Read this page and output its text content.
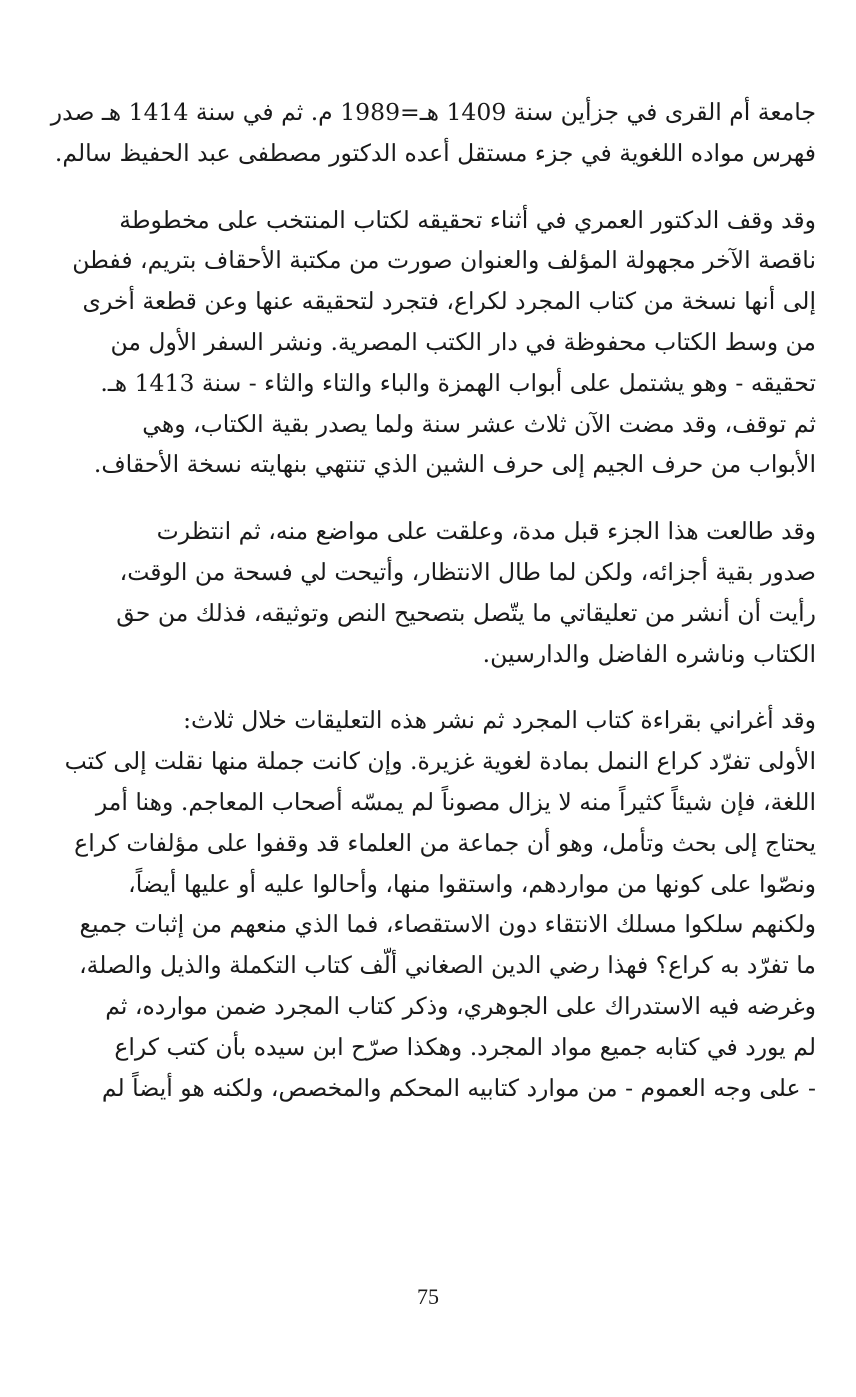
جامعة أم القرى في جزأين سنة 1409 هـ=1989 م. ثم في سنة 1414 هـ صدر
فهرس مواده اللغوية في جزء مستقل أعده الدكتور مصطفى عبد الحفيظ سالم.

وقد وقف الدكتور العمري في أثناء تحقيقه لكتاب المنتخب على مخطوطة
ناقصة الآخر مجهولة المؤلف والعنوان صورت من مكتبة الأحقاف بتريم، ففطن
إلى أنها نسخة من كتاب المجرد لكراع، فتجرد لتحقيقه عنها وعن قطعة أخرى
من وسط الكتاب محفوظة في دار الكتب المصرية. ونشر السفر الأول من
تحقيقه - وهو يشتمل على أبواب الهمزة والباء والتاء والثاء - سنة 1413 هـ.
ثم توقف، وقد مضت الآن ثلاث عشر سنة ولما يصدر بقية الكتاب، وهي
الأبواب من حرف الجيم إلى حرف الشين الذي تنتهي بنهايته نسخة الأحقاف.

وقد طالعت هذا الجزء قبل مدة، وعلقت على مواضع منه، ثم انتظرت
صدور بقية أجزائه، ولكن لما طال الانتظار، وأتيحت لي فسحة من الوقت،
رأيت أن أنشر من تعليقاتي ما يتّصل بتصحيح النص وتوثيقه، فذلك من حق
الكتاب وناشره الفاضل والدارسين.

وقد أغراني بقراءة كتاب المجرد ثم نشر هذه التعليقات خلال ثلاث:
الأولى تفرّد كراع النمل بمادة لغوية غزيرة. وإن كانت جملة منها نقلت إلى كتب
اللغة، فإن شيئاً كثيراً منه لا يزال مصوناً لم يمسّه أصحاب المعاجم. وهنا أمر
يحتاج إلى بحث وتأمل، وهو أن جماعة من العلماء قد وقفوا على مؤلفات كراع
ونصّوا على كونها من مواردهم، واستقوا منها، وأحالوا عليه أو عليها أيضاً،
ولكنهم سلكوا مسلك الانتقاء دون الاستقصاء، فما الذي منعهم من إثبات جميع
ما تفرّد به كراع؟ فهذا رضي الدين الصغاني ألّف كتاب التكملة والذيل والصلة،
وغرضه فيه الاستدراك على الجوهري، وذكر كتاب المجرد ضمن موارده، ثم
لم يورد في كتابه جميع مواد المجرد. وهكذا صرّح ابن سيده بأن كتب كراع
- على وجه العموم - من موارد كتابيه المحكم والمخصص، ولكنه هو أيضاً لم

75
